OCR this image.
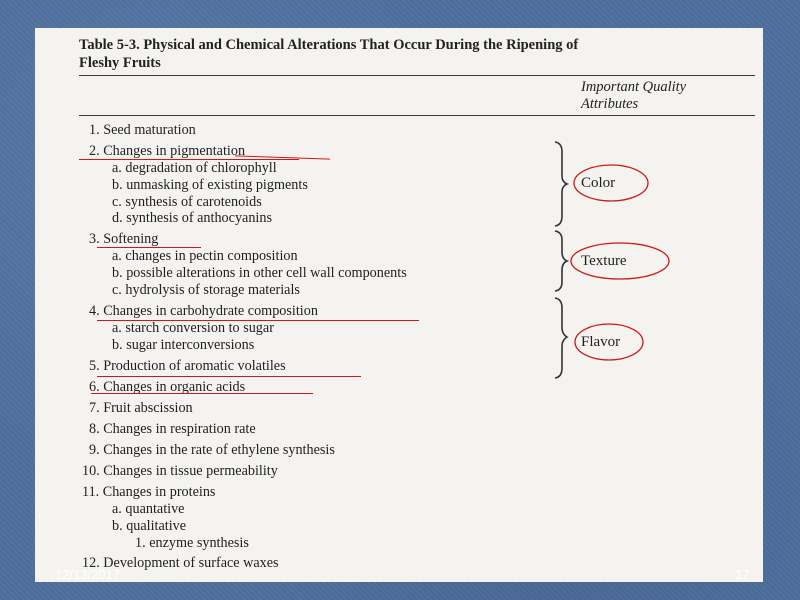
Table 5-3. Physical and Chemical Alterations That Occur During the Ripening of
Fleshy Fruits
Important Quality
Attributes
1. Seed maturation
2. Changes in pigmentation
a. degradation of chlorophyll
b. unmasking of existing pigments
c. synthesis of carotenoids
d. synthesis of anthocyanins
3. Softening
a. changes in pectin composition
b. possible alterations in other cell wall components
c. hydrolysis of storage materials
4. Changes in carbohydrate composition
a. starch conversion to sugar
b. sugar interconversions
5. Production of aromatic volatiles
6. Changes in organic acids
7. Fruit abscission
8. Changes in respiration rate
9. Changes in the rate of ethylene synthesis
10. Changes in tissue permeability
11. Changes in proteins
a. quantative
b. qualitative
1. enzyme synthesis
12. Development of surface waxes
Color
Texture
Flavor
12/13/2017	17
